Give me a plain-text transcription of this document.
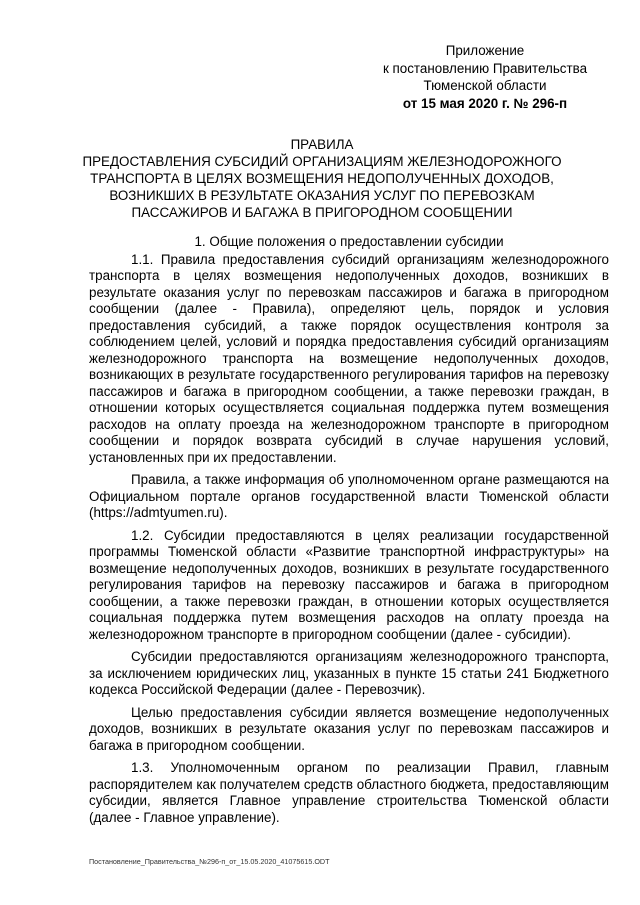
Приложение
к постановлению Правительства
Тюменской области
от 15 мая 2020 г. № 296-п
ПРАВИЛА
ПРЕДОСТАВЛЕНИЯ СУБСИДИЙ ОРГАНИЗАЦИЯМ ЖЕЛЕЗНОДОРОЖНОГО
ТРАНСПОРТА В ЦЕЛЯХ ВОЗМЕЩЕНИЯ НЕДОПОЛУЧЕННЫХ ДОХОДОВ,
ВОЗНИКШИХ В РЕЗУЛЬТАТЕ ОКАЗАНИЯ УСЛУГ ПО ПЕРЕВОЗКАМ
ПАССАЖИРОВ И БАГАЖА В ПРИГОРОДНОМ СООБЩЕНИИ
1. Общие положения о предоставлении субсидии

1.1. Правила предоставления субсидий организациям железнодорожного транспорта в целях возмещения недополученных доходов, возникших в результате оказания услуг по перевозкам пассажиров и багажа в пригородном сообщении (далее - Правила), определяют цель, порядок и условия предоставления субсидий, а также порядок осуществления контроля за соблюдением целей, условий и порядка предоставления субсидий организациям железнодорожного транспорта на возмещение недополученных доходов, возникающих в результате государственного регулирования тарифов на перевозку пассажиров и багажа в пригородном сообщении, а также перевозки граждан, в отношении которых осуществляется социальная поддержка путем возмещения расходов на оплату проезда на железнодорожном транспорте в пригородном сообщении и порядок возврата субсидий в случае нарушения условий, установленных при их предоставлении.

Правила, а также информация об уполномоченном органе размещаются на Официальном портале органов государственной власти Тюменской области (https://admtyumen.ru).

1.2. Субсидии предоставляются в целях реализации государственной программы Тюменской области «Развитие транспортной инфраструктуры» на возмещение недополученных доходов, возникших в результате государственного регулирования тарифов на перевозку пассажиров и багажа в пригородном сообщении, а также перевозки граждан, в отношении которых осуществляется социальная поддержка путем возмещения расходов на оплату проезда на железнодорожном транспорте в пригородном сообщении (далее - субсидии).

Субсидии предоставляются организациям железнодорожного транспорта, за исключением юридических лиц, указанных в пункте 15 статьи 241 Бюджетного кодекса Российской Федерации (далее - Перевозчик).

Целью предоставления субсидии является возмещение недополученных доходов, возникших в результате оказания услуг по перевозкам пассажиров и багажа в пригородном сообщении.

1.3. Уполномоченным органом по реализации Правил, главным распорядителем как получателем средств областного бюджета, предоставляющим субсидии, является Главное управление строительства Тюменской области (далее - Главное управление).

Постановление_Правительства_№296-п_от_15.05.2020_41075615.ODT
